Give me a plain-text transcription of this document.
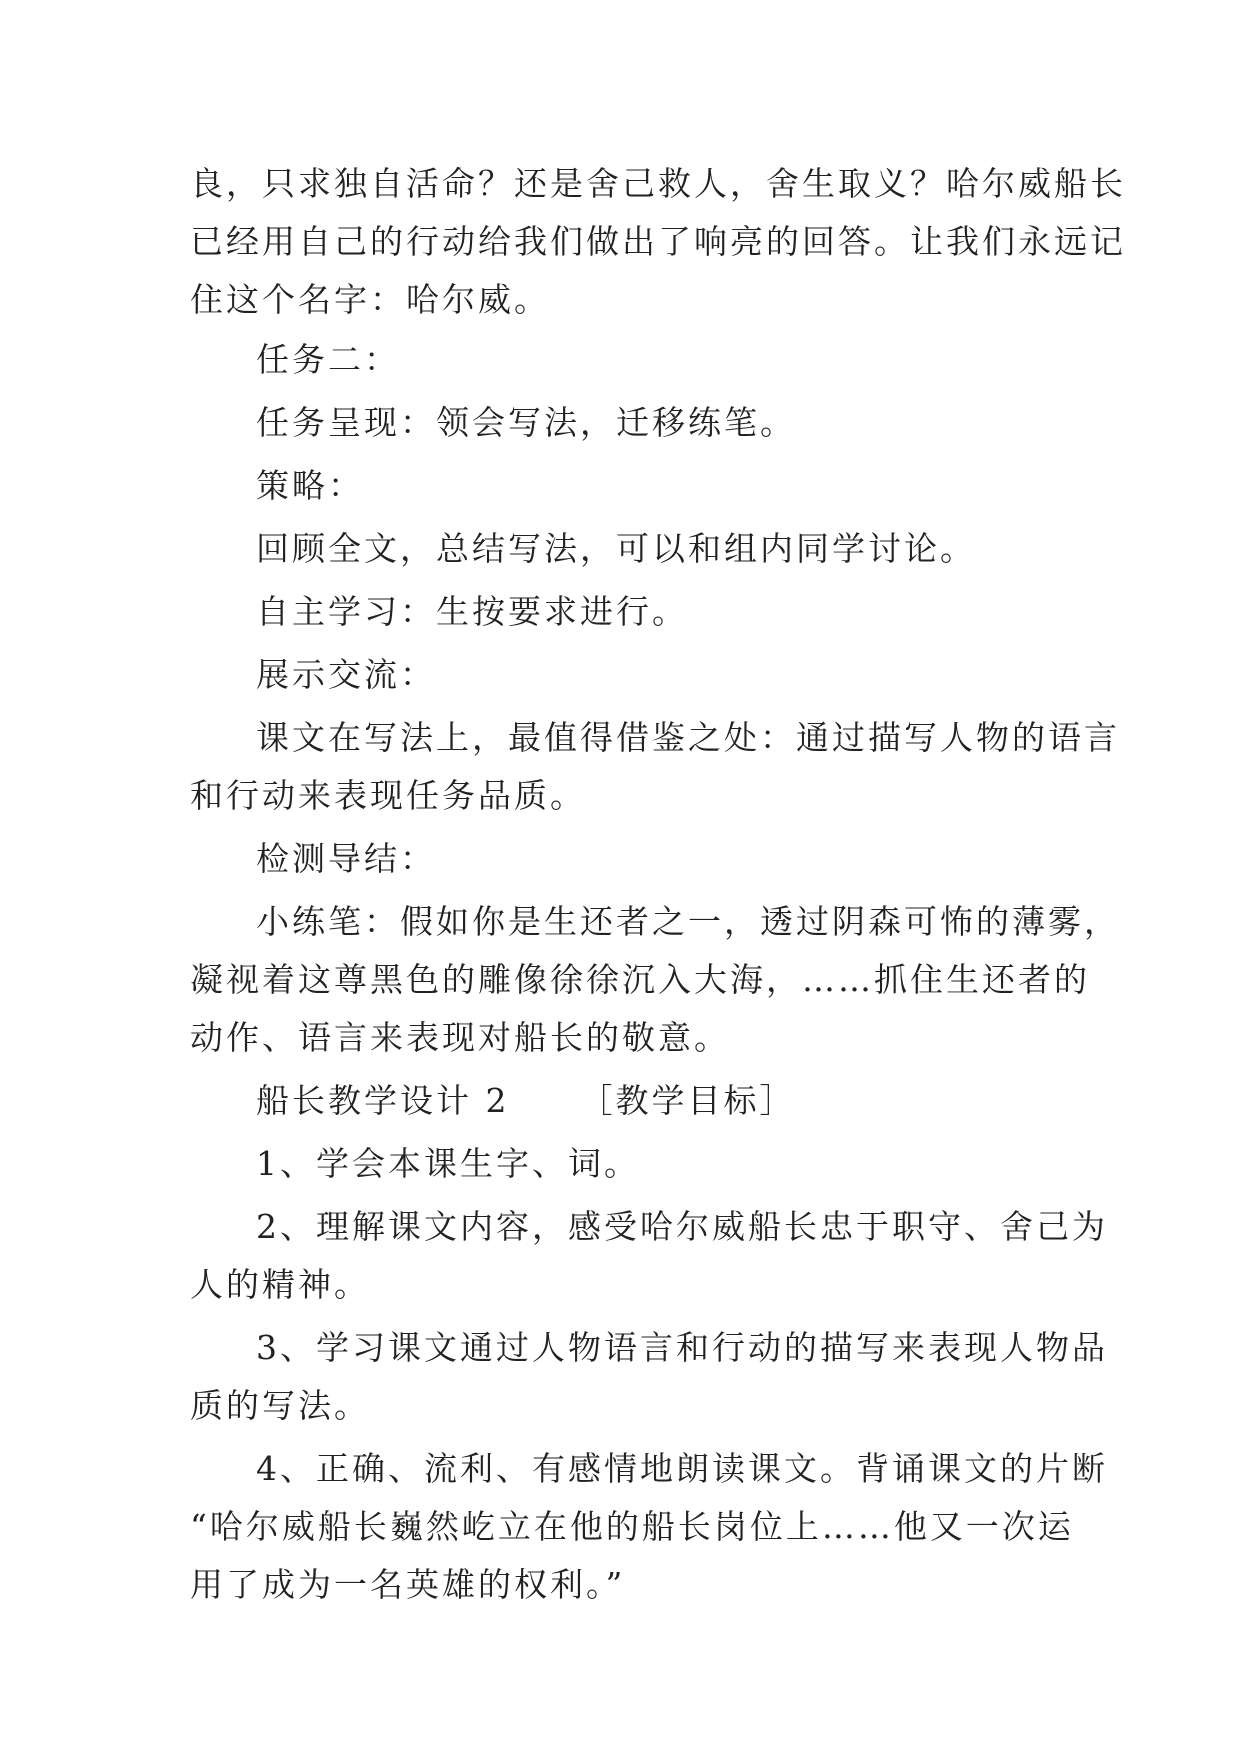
良，只求独自活命？还是舍己救人，舍生取义？哈尔威船长
已经用自己的行动给我们做出了响亮的回答。让我们永远记
住这个名字：哈尔威。
任务二：
任务呈现：领会写法，迁移练笔。
策略：
回顾全文，总结写法，可以和组内同学讨论。
自主学习：生按要求进行。
展示交流：
课文在写法上，最值得借鉴之处：通过描写人物的语言
和行动来表现任务品质。
检测导结：
小练笔：假如你是生还者之一，透过阴森可怖的薄雾，
凝视着这尊黑色的雕像徐徐沉入大海，……抓住生还者的
动作、语言来表现对船长的敬意。
船长教学设计 2 ［教学目标］
1、学会本课生字、词。
2、理解课文内容，感受哈尔威船长忠于职守、舍己为
人的精神。
3、学习课文通过人物语言和行动的描写来表现人物品
质的写法。
4、正确、流利、有感情地朗读课文。背诵课文的片断
“哈尔威船长巍然屹立在他的船长岗位上……他又一次运
用了成为一名英雄的权利。”
